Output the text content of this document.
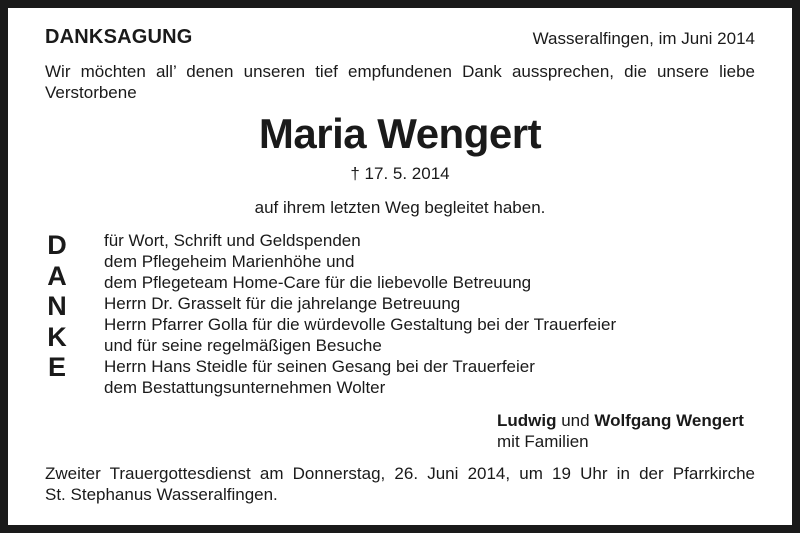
DANKSAGUNG	Wasseralfingen, im Juni 2014
Wir möchten all’ denen unseren tief empfundenen Dank aussprechen, die unsere liebe
Verstorbene
Maria Wengert
† 17. 5. 2014
auf ihrem letzten Weg begleitet haben.
D
A
N
K
E
für Wort, Schrift und Geldspenden
dem Pflegeheim Marienhöhe und
dem Pflegeteam Home-Care für die liebevolle Betreuung
Herrn Dr. Grasselt für die jahrelange Betreuung
Herrn Pfarrer Golla für die würdevolle Gestaltung bei der Trauerfeier
und für seine regelmäßigen Besuche
Herrn Hans Steidle für seinen Gesang bei der Trauerfeier
dem Bestattungsunternehmen Wolter
Ludwig und Wolfgang Wengert
mit Familien
Zweiter Trauergottesdienst am Donnerstag, 26. Juni 2014, um 19 Uhr in der Pfarrkirche
St. Stephanus Wasseralfingen.
